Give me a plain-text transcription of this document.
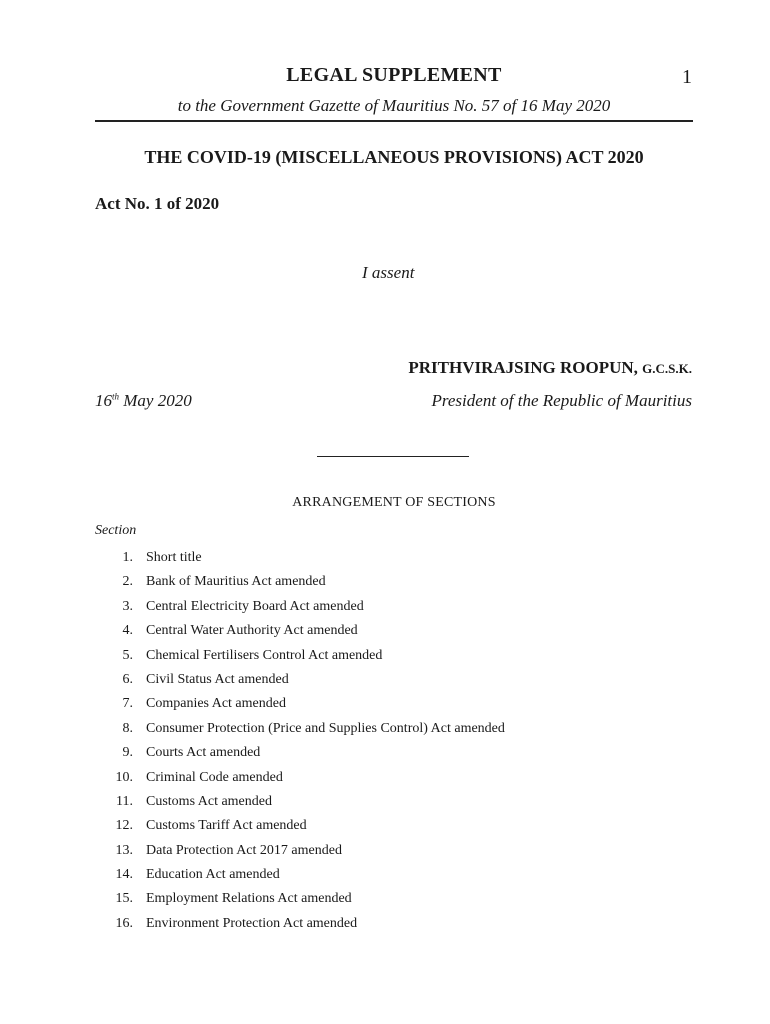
LEGAL SUPPLEMENT	1
to the Government Gazette of Mauritius No. 57 of 16 May 2020
THE COVID-19 (MISCELLANEOUS PROVISIONS) ACT 2020
Act No. 1 of 2020
I assent
PRITHVIRAJSING ROOPUN, G.C.S.K.
16th May 2020	President of the Republic of Mauritius
ARRANGEMENT OF SECTIONS
Section
1. Short title
2. Bank of Mauritius Act amended
3. Central Electricity Board Act amended
4. Central Water Authority Act amended
5. Chemical Fertilisers Control Act amended
6. Civil Status Act amended
7. Companies Act amended
8. Consumer Protection (Price and Supplies Control) Act amended
9. Courts Act amended
10. Criminal Code amended
11. Customs Act amended
12. Customs Tariff Act amended
13. Data Protection Act 2017 amended
14. Education Act amended
15. Employment Relations Act amended
16. Environment Protection Act amended
